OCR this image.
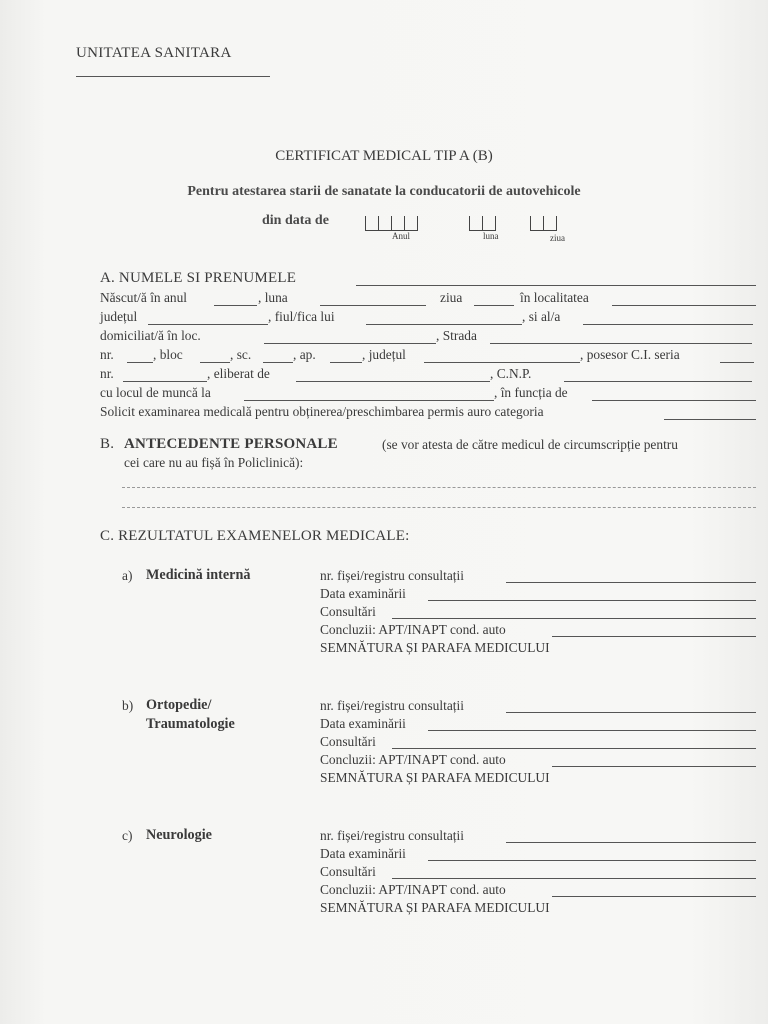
UNITATEA SANITARA
CERTIFICAT MEDICAL TIP A (B)
Pentru atestarea starii de sanatate la conducatorii de autovehicole
din data de
Anul	luna	ziua
A. NUMELE SI PRENUMELE
Născut/ă în anul	, luna	ziua	în localitatea
județul	, fiul/fica lui	, si al/a
domiciliat/ă în loc.	, Strada
nr.	, bloc	, sc.	, ap.	, județul	, posesor C.I. seria
nr.	, eliberat de	, C.N.P.
cu locul de muncă la	, în funcția de
Solicit examinarea medicală pentru obținerea/preschimbarea permis auro categoria
B. ANTECEDENTE PERSONALE	(se vor atesta de către medicul de circumscripție pentru
cei care nu au fișă în Policlinică):
C. REZULTATUL EXAMENELOR MEDICALE:
a) Medicină internă	nr. fișei/registru consultații
Data examinării
Consultări
Concluzii: APT/INAPT cond. auto
SEMNĂTURA ȘI PARAFA MEDICULUI
b) Ortopedie/
Traumatologie
nr. fișei/registru consultații
Data examinării
Consultări
Concluzii: APT/INAPT cond. auto
SEMNĂTURA ȘI PARAFA MEDICULUI
c) Neurologie	nr. fișei/registru consultații
Data examinării
Consultări
Concluzii: APT/INAPT cond. auto
SEMNĂTURA ȘI PARAFA MEDICULUI
